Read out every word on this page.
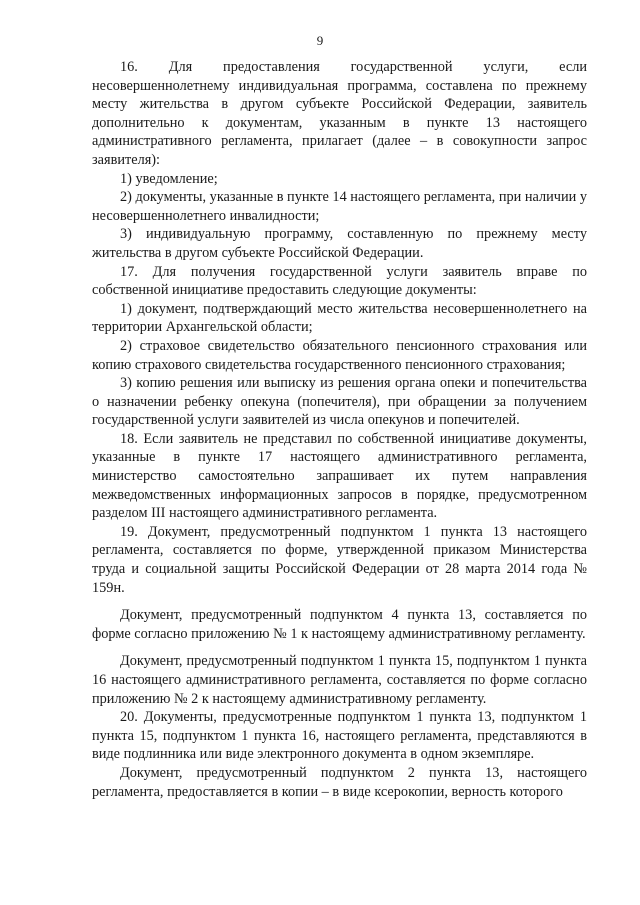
9

16. Для предоставления государственной услуги, если несовершеннолетнему индивидуальная программа, составлена по прежнему месту жительства в другом субъекте Российской Федерации, заявитель дополнительно к документам, указанным в пункте 13 настоящего административного регламента, прилагает (далее – в совокупности запрос заявителя):

1) уведомление;

2) документы, указанные в пункте 14 настоящего регламента, при наличии у несовершеннолетнего инвалидности;

3) индивидуальную программу, составленную по прежнему месту жительства в другом субъекте Российской Федерации.

17. Для получения государственной услуги заявитель вправе по собственной инициативе предоставить следующие документы:

1) документ, подтверждающий место жительства несовершеннолетнего на территории Архангельской области;

2) страховое свидетельство обязательного пенсионного страхования или копию страхового свидетельства государственного пенсионного страхования;

3) копию решения или выписку из решения органа опеки и попечительства о назначении ребенку опекуна (попечителя), при обращении за получением государственной услуги заявителей из числа опекунов и попечителей.

18. Если заявитель не представил по собственной инициативе документы, указанные в пункте 17 настоящего административного регламента, министерство самостоятельно запрашивает их путем направления межведомственных информационных запросов в порядке, предусмотренном разделом III настоящего административного регламента.

19. Документ, предусмотренный подпунктом 1 пункта 13 настоящего регламента, составляется по форме, утвержденной приказом Министерства труда и социальной защиты Российской Федерации от 28 марта 2014 года № 159н.

Документ, предусмотренный подпунктом 4 пункта 13, составляется по форме согласно приложению № 1 к настоящему административному регламенту.

Документ, предусмотренный подпунктом 1 пункта 15, подпунктом 1 пункта 16 настоящего административного регламента, составляется по форме согласно приложению № 2 к настоящему административному регламенту.

20. Документы, предусмотренные подпунктом 1 пункта 13, подпунктом 1 пункта 15, подпунктом 1 пункта 16, настоящего регламента, представляются в виде подлинника или виде электронного документа в одном экземпляре.

Документ, предусмотренный подпунктом 2 пункта 13, настоящего регламента, предоставляется в копии – в виде ксерокопии, верность которого
